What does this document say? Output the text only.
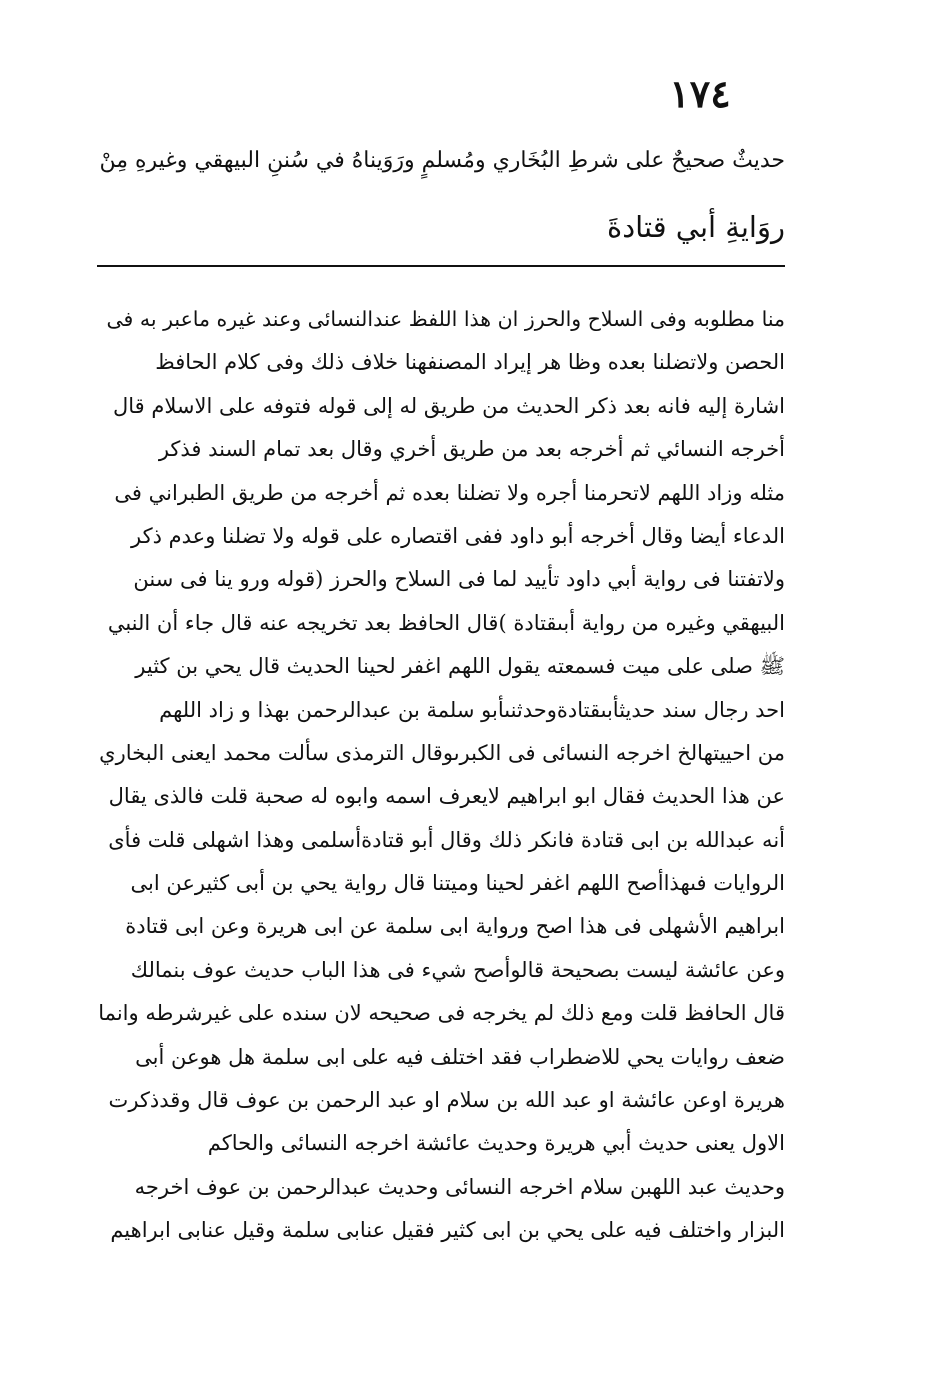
١٧٤
حديثٌ صحيحٌ على شرطِ البُخَاري ومُسلمٍ ورَوَيناهُ في سُننِ البيهقي وغيرهِ مِنْ
روَايةِ أبي قتادةَ
منا مطلوبه وفى السلاح والحرز ان هذا اللفظ عندالنسائى وعند غيره ماعبر به فى
الحصن ولاتضلنا بعده وظا هر إيراد المصنفهنا خلاف ذلك وفى كلام الحافظ
اشارة إليه فانه بعد ذكر الحديث من طريق له إلى قوله فتوفه على الاسلام قال
أخرجه النسائي ثم أخرجه بعد من طريق أخري وقال بعد تمام السند فذكر
مثله وزاد اللهم لاتحرمنا أجره ولا تضلنا بعده ثم أخرجه من طريق الطبراني فى
الدعاء أيضا وقال أخرجه أبو داود ففى اقتصاره على قوله ولا تضلنا وعدم ذكر
ولاتفتنا فى رواية أبي داود تأييد لما فى السلاح والحرز (قوله ورو ينا فى سنن
البيهقي وغيره من رواية أبىقتادة )قال الحافظ بعد تخريجه عنه قال جاء أن النبي
ﷺ صلى على ميت فسمعته يقول اللهم اغفر لحينا الحديث قال يحي بن كثير
احد رجال سند حديثأبىقتادةوحدثنىأبو سلمة بن عبدالرحمن بهذا و زاد اللهم
من احييتهالخ اخرجه النسائى فى الكبرىوقال الترمذى سألت محمد ايعنى البخاري
عن هذا الحديث فقال ابو ابراهيم لايعرف اسمه وابوه له صحبة قلت فالذى يقال
أنه عبدالله بن ابى قتادة فانكر ذلك وقال أبو قتادةأسلمى وهذا اشهلى قلت فأى
الروايات فىهذاأصح اللهم اغفر لحينا وميتنا قال رواية يحي بن أبى كثيرعن ابى
ابراهيم الأشهلى فى هذا اصح ورواية ابى سلمة عن ابى هريرة وعن ابى قتادة
وعن عائشة ليست بصحيحة قالوأصح شيء فى هذا الباب حديث عوف بنمالك
قال الحافظ قلت ومع ذلك لم يخرجه فى صحيحه لان سنده على غيرشرطه وانما
ضعف روايات يحي للاضطراب فقد اختلف فيه على ابى سلمة هل هوعن أبى
هريرة اوعن عائشة او عبد الله بن سلام او عبد الرحمن بن عوف قال وقدذكرت
الاول يعنى حديث أبي هريرة وحديث عائشة اخرجه النسائى والحاكم
وحديث عبد اللهبن سلام اخرجه النسائى وحديث عبدالرحمن بن عوف اخرجه
البزار واختلف فيه على يحي بن ابى كثير فقيل عنابى سلمة وقيل عنابى ابراهيم
